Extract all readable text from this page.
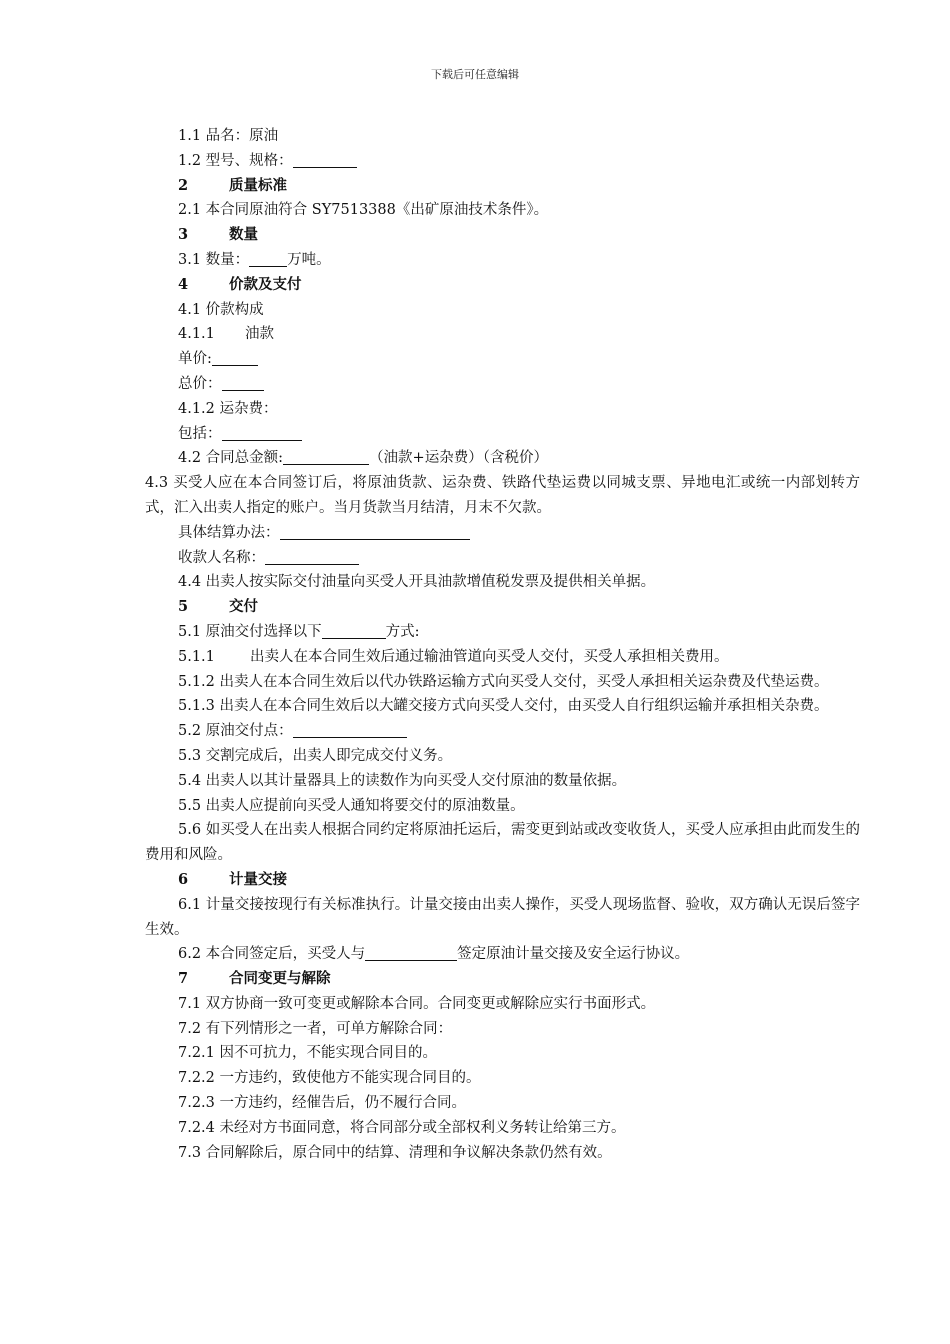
下载后可任意编辑
1.1 品名：原油
1.2 型号、规格：
2	质量标准
2.1 本合同原油符合 SY7513388《出矿原油技术条件》。
3	数量
3.1 数量：	万吨。
4	价款及支付
4.1 价款构成
4.1.1 油款
单价:
总价：
4.1.2 运杂费：
包括：
4.2 合同总金额:	（油款+运杂费）（含税价）
4.3 买受人应在本合同签订后，将原油货款、运杂费、铁路代垫运费以同城支票、异地电汇或统一内部划转方式，汇入出卖人指定的账户。当月货款当月结清，月末不欠款。
具体结算办法：
收款人名称：
4.4 出卖人按实际交付油量向买受人开具油款增值税发票及提供相关单据。
5	交付
5.1 原油交付选择以下	方式:
5.1.1 出卖人在本合同生效后通过输油管道向买受人交付，买受人承担相关费用。
5.1.2 出卖人在本合同生效后以代办铁路运输方式向买受人交付，买受人承担相关运杂费及代垫运费。
5.1.3 出卖人在本合同生效后以大罐交接方式向买受人交付，由买受人自行组织运输并承担相关杂费。
5.2 原油交付点：
5.3 交割完成后，出卖人即完成交付义务。
5.4 出卖人以其计量器具上的读数作为向买受人交付原油的数量依据。
5.5 出卖人应提前向买受人通知将要交付的原油数量。
5.6 如买受人在出卖人根据合同约定将原油托运后，需变更到站或改变收货人，买受人应承担由此而发生的费用和风险。
6	计量交接
6.1 计量交接按现行有关标准执行。计量交接由出卖人操作，买受人现场监督、验收，双方确认无误后签字生效。
6.2 本合同签定后，买受人与	签定原油计量交接及安全运行协议。
7	合同变更与解除
7.1 双方协商一致可变更或解除本合同。合同变更或解除应实行书面形式。
7.2 有下列情形之一者，可单方解除合同：
7.2.1 因不可抗力，不能实现合同目的。
7.2.2 一方违约，致使他方不能实现合同目的。
7.2.3 一方违约，经催告后，仍不履行合同。
7.2.4 未经对方书面同意，将合同部分或全部权利义务转让给第三方。
7.3 合同解除后，原合同中的结算、清理和争议解决条款仍然有效。
